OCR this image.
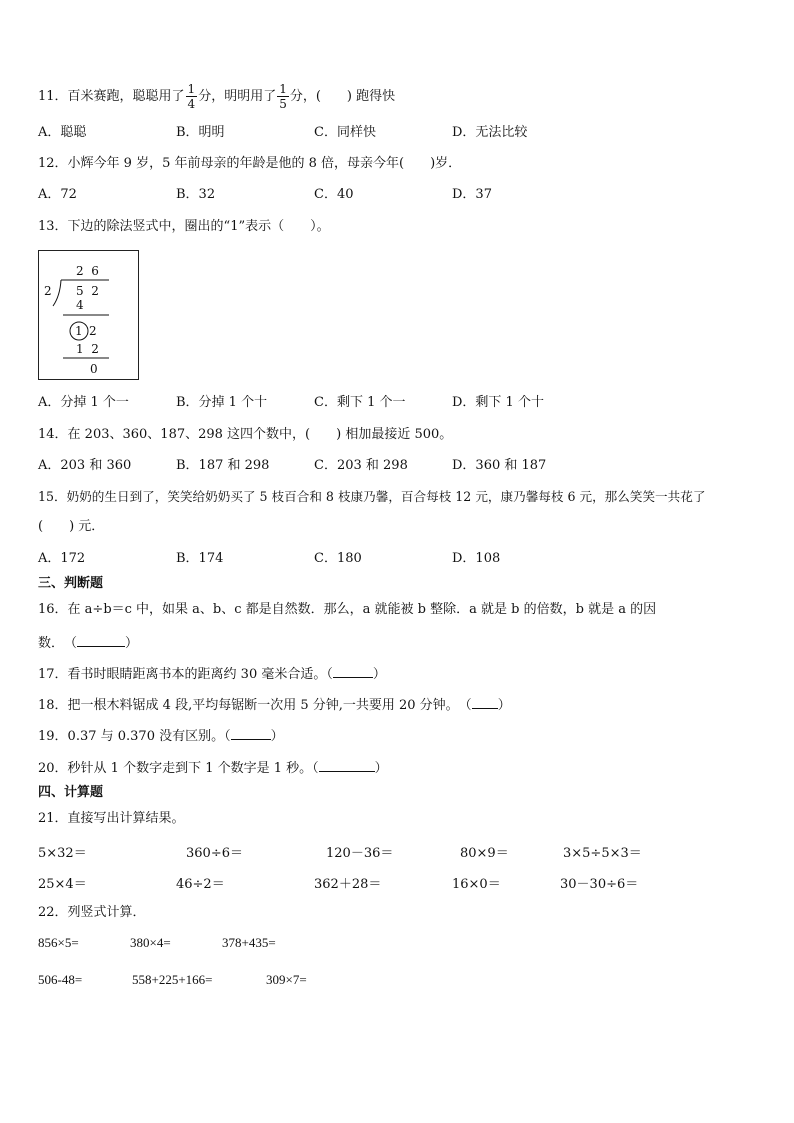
11．百米赛跑，聪聪用了 $\frac{1}{4}$ 分，明明用了 $\frac{1}{5}$ 分，(　　) 跑得快
A．聪聪	B．明明	C．同样快	D．无法比较
12．小辉今年 9 岁，5 年前母亲的年龄是他的 8 倍，母亲今年(　　)岁．
A．72	B．32	C．40	D．37
13．下边的除法竖式中，圈出的“1”表示（　　）。
2  6
2 5  2
4
1 2
1  2
0
A．分掉 1 个一	B．分掉 1 个十	C．剩下 1 个一	D．剩下 1 个十
14．在 203、360、187、298 这四个数中，(　　) 相加最接近 500。
A．203 和 360	B．187 和 298	C．203 和 298	D．360 和 187
15．奶奶的生日到了，笑笑给奶奶买了 5 枝百合和 8 枝康乃馨，百合每枝 12 元，康乃馨每枝 6 元，那么笑笑一共花了
(　　) 元．
A．172	B．174	C．180	D．108
三、判断题
16．在 a÷b＝c 中，如果 a、b、c 都是自然数．那么，a 就能被 b 整除．a 就是 b 的倍数，b 就是 a 的因
数．　（	）
17．看书时眼睛距离书本的距离约 30 毫米合适。（	）
18．把一根木料锯成 4 段,平均每锯断一次用 5 分钟,一共要用 20 分钟。　（ ）
19．0.37 与 0.370 没有区别。（	）
20．秒针从 1 个数字走到下 1 个数字是 1 秒。（	）
四、计算题
21．直接写出计算结果。
5×32＝	360÷6＝	120－36＝	80×9＝	3×5÷5×3＝
25×4＝	46÷2＝	362＋28＝	16×0＝	30－30÷6＝
22．列竖式计算．
856×5=	380×4=	378+435=
506-48=	558+225+166=	309×7=
